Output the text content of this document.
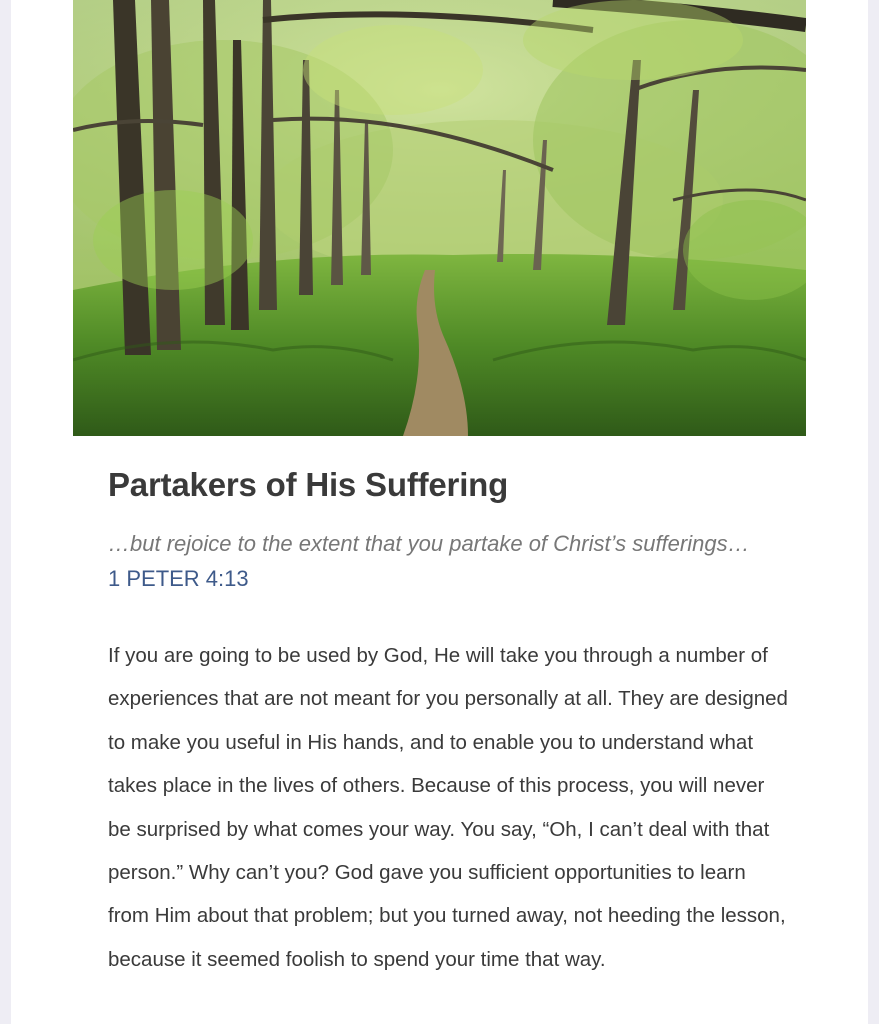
Partakers of His Suffering
…but rejoice to the extent that you partake of Christ’s sufferings…
1 PETER 4:13

If you are going to be used by God, He will take you through a number of experiences that are not meant for you personally at all. They are designed to make you useful in His hands, and to enable you to understand what takes place in the lives of others. Because of this process, you will never be surprised by what comes your way. You say, “Oh, I can’t deal with that person.” Why can’t you? God gave you sufficient opportunities to learn from Him about that problem; but you turned away, not heeding the lesson, because it seemed foolish to spend your time that way.
